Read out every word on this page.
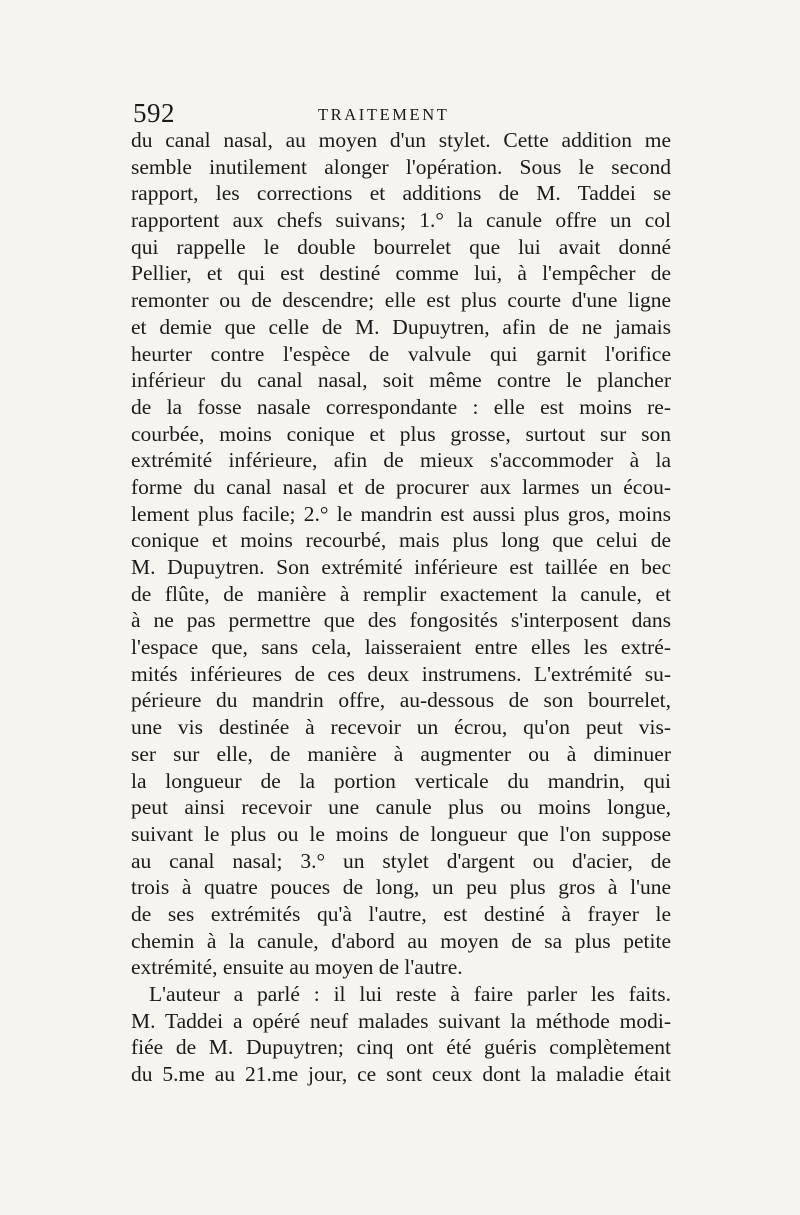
592	TRAITEMENT
du canal nasal, au moyen d'un stylet. Cette addition me
semble inutilement alonger l'opération. Sous le second
rapport, les corrections et additions de M. Taddei se
rapportent aux chefs suivans; 1.° la canule offre un col
qui rappelle le double bourrelet que lui avait donné
Pellier, et qui est destiné comme lui, à l'empêcher de
remonter ou de descendre; elle est plus courte d'une ligne
et demie que celle de M. Dupuytren, afin de ne jamais
heurter contre l'espèce de valvule qui garnit l'orifice
inférieur du canal nasal, soit même contre le plancher
de la fosse nasale correspondante : elle est moins re-
courbée, moins conique et plus grosse, surtout sur son
extrémité inférieure, afin de mieux s'accommoder à la
forme du canal nasal et de procurer aux larmes un écou-
lement plus facile; 2.° le mandrin est aussi plus gros, moins
conique et moins recourbé, mais plus long que celui de
M. Dupuytren. Son extrémité inférieure est taillée en bec
de flûte, de manière à remplir exactement la canule, et
à ne pas permettre que des fongosités s'interposent dans
l'espace que, sans cela, laisseraient entre elles les extré-
mités inférieures de ces deux instrumens. L'extrémité su-
périeure du mandrin offre, au-dessous de son bourrelet,
une vis destinée à recevoir un écrou, qu'on peut vis-
ser sur elle, de manière à augmenter ou à diminuer
la longueur de la portion verticale du mandrin, qui
peut ainsi recevoir une canule plus ou moins longue,
suivant le plus ou le moins de longueur que l'on suppose
au canal nasal; 3.° un stylet d'argent ou d'acier, de
trois à quatre pouces de long, un peu plus gros à l'une
de ses extrémités qu'à l'autre, est destiné à frayer le
chemin à la canule, d'abord au moyen de sa plus petite
extrémité, ensuite au moyen de l'autre.
L'auteur a parlé : il lui reste à faire parler les faits.
M. Taddei a opéré neuf malades suivant la méthode modi-
fiée de M. Dupuytren; cinq ont été guéris complètement
du 5.me au 21.me jour, ce sont ceux dont la maladie était
